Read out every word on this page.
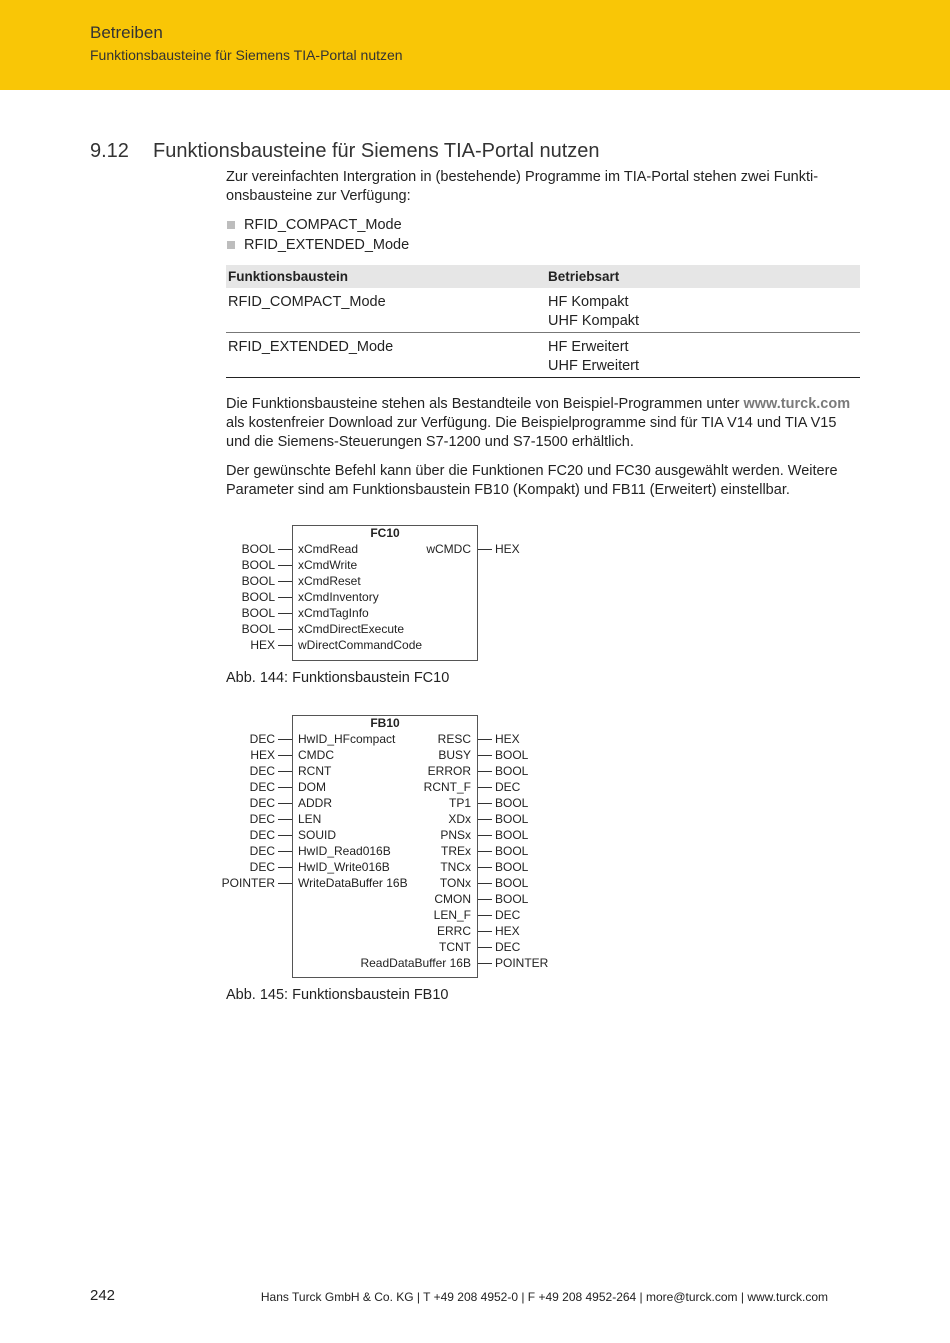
Betreiben
Funktionsbausteine für Siemens TIA-Portal nutzen
9.12 Funktionsbausteine für Siemens TIA-Portal nutzen
Zur vereinfachten Intergration in (bestehende) Programme im TIA-Portal stehen zwei Funktionsbausteine zur Verfügung:
RFID_COMPACT_Mode
RFID_EXTENDED_Mode
Funktionsbaustein	Betriebsart
RFID_COMPACT_Mode	HF Kompakt
UHF Kompakt

RFID_EXTENDED_Mode	HF Erweitert
UHF Erweitert
Die Funktionsbausteine stehen als Bestandteile von Beispiel-Programmen unter www.turck.com als kostenfreier Download zur Verfügung. Die Beispielprogramme sind für TIA V14 und TIA V15 und die Siemens-Steuerungen S7-1200 und S7-1500 erhältlich.
Der gewünschte Befehl kann über die Funktionen FC20 und FC30 ausgewählt werden. Weitere Parameter sind am Funktionsbaustein FB10 (Kompakt) und FB11 (Erweitert) einstellbar.
FC10
BOOL xCmdRead
BOOL xCmdWrite
BOOL xCmdReset
BOOL xCmdInventory
BOOL xCmdTagInfo
BOOL xCmdDirectExecute
HEX wDirectCommandCode
wCMDC HEX
Abb. 144: Funktionsbaustein FC10
FB10
DEC HwID_HFcompact
HEX CMDC
DEC RCNT
DEC DOM
DEC ADDR
DEC LEN
DEC SOUID
DEC HwID_Read016B
DEC HwID_Write016B
POINTER WriteDataBuffer 16B
RESC HEX
BUSY BOOL
ERROR BOOL
RCNT_F DEC
TP1 BOOL
XDx BOOL
PNSx BOOL
TREx BOOL
TNCx BOOL
TONx BOOL
CMON BOOL
LEN_F DEC
ERRC HEX
TCNT DEC
ReadDataBuffer 16B POINTER
Abb. 145: Funktionsbaustein FB10
242	Hans Turck GmbH & Co. KG | T +49 208 4952-0 | F +49 208 4952-264 | more@turck.com | www.turck.com
